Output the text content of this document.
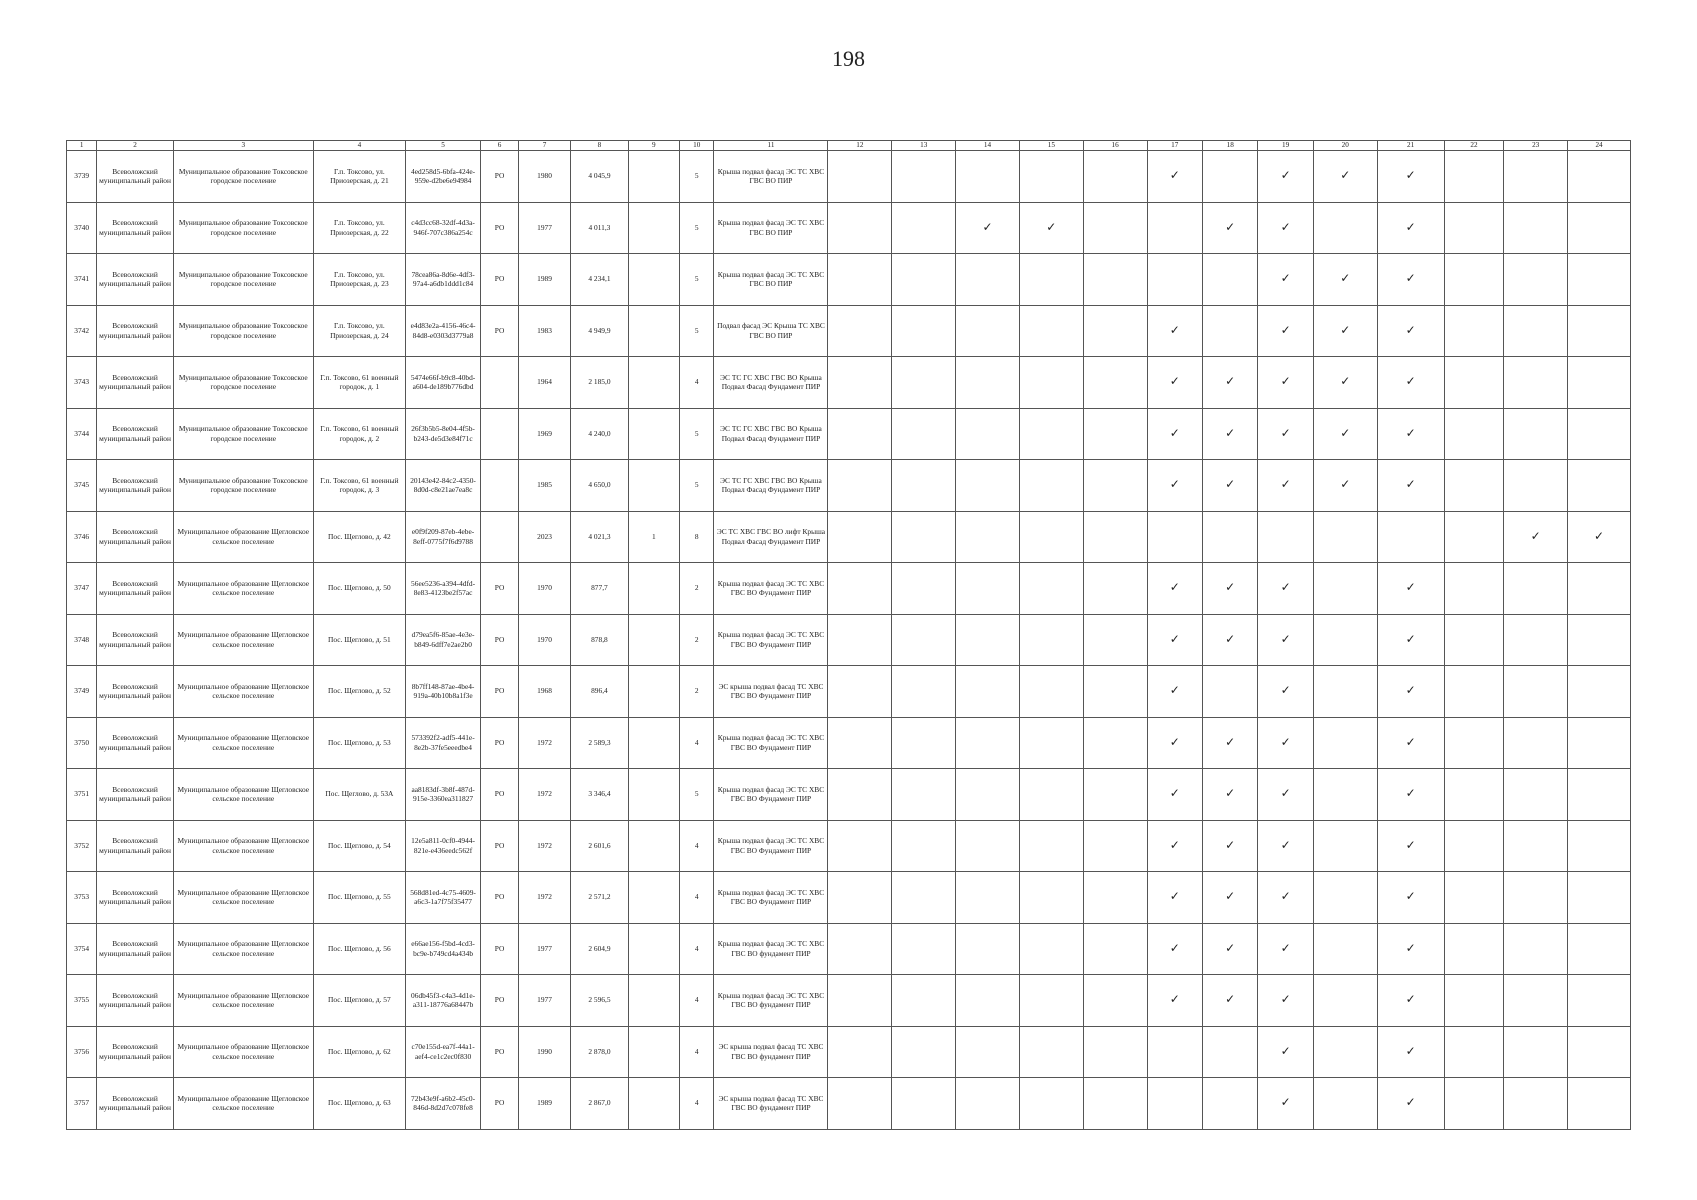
198
1	2	3	4	5	6	7	8	9	10	11	12	13	14	15	16	17	18	19	20	21	22	23	24
3739	Всеволожский муниципальный район	Муниципальное образование Токсовское городское поселение	Г.п. Токсово, ул. Приозерская, д. 21	4ed258d5-6bfa-424e-959e-d2be6e94984	РО	1980	4 045,9		5	Крыша подвал фасад ЭС ТС ХВС ГВС ВО ПИР						✓		✓	✓	✓			
3740	Всеволожский муниципальный район	Муниципальное образование Токсовское городское поселение	Г.п. Токсово, ул. Приозерская, д. 22	c4d3cc68-32df-4d3a-946f-707c386a254c	РО	1977	4 011,3		5	Крыша подвал фасад ЭС ТС ХВС ГВС ВО ПИР			✓	✓			✓	✓		✓			
3741	Всеволожский муниципальный район	Муниципальное образование Токсовское городское поселение	Г.п. Токсово, ул. Приозерская, д. 23	78cea86a-8d6e-4df3-97a4-a6db1ddd1c84	РО	1989	4 234,1		5	Крыша подвал фасад ЭС ТС ХВС ГВС ВО ПИР								✓	✓	✓			
3742	Всеволожский муниципальный район	Муниципальное образование Токсовское городское поселение	Г.п. Токсово, ул. Приозерская, д. 24	e4d83e2a-4156-46c4-84d8-e0303d3779a8	РО	1983	4 949,9		5	Подвал фасад ЭС Крыша ТС ХВС ГВС ВО ПИР						✓		✓	✓	✓			
3743	Всеволожский муниципальный район	Муниципальное образование Токсовское городское поселение	Г.п. Токсово, 61 военный городок, д. 1	5474e66f-b9c8-40bd-a604-de189b776dbd		1964	2 185,0		4	ЭС ТС ГС ХВС ГВС ВО Крыша Подвал Фасад Фундамент ПИР						✓	✓	✓	✓	✓			
3744	Всеволожский муниципальный район	Муниципальное образование Токсовское городское поселение	Г.п. Токсово, 61 военный городок, д. 2	26f3b5b5-8e04-4f5b-b243-de5d3e84f71c		1969	4 240,0		5	ЭС ТС ГС ХВС ГВС ВО Крыша Подвал Фасад Фундамент ПИР						✓	✓	✓	✓	✓			
3745	Всеволожский муниципальный район	Муниципальное образование Токсовское городское поселение	Г.п. Токсово, 61 военный городок, д. 3	20143e42-84c2-4350-8d0d-c8e21ae7ea8c		1985	4 650,0		5	ЭС ТС ГС ХВС ГВС ВО Крыша Подвал Фасад Фундамент ПИР						✓	✓	✓	✓	✓			
3746	Всеволожский муниципальный район	Муниципальное образование Щегловское сельское поселение	Пос. Щеглово, д. 42	e0f9f209-87eb-4ebe-8eff-0775f7f6d9788		2023	4 021,3	1	8	ЭС ТС ХВС ГВС ВО лифт Крыша Подвал Фасад Фундамент ПИР												✓	✓
3747	Всеволожский муниципальный район	Муниципальное образование Щегловское сельское поселение	Пос. Щеглово, д. 50	56ee5236-a394-4dfd-8e83-4123be2f57ac	РО	1970	877,7		2	Крыша подвал фасад ЭС ТС ХВС ГВС ВО Фундамент ПИР						✓	✓	✓		✓			
3748	Всеволожский муниципальный район	Муниципальное образование Щегловское сельское поселение	Пос. Щеглово, д. 51	d79ea5f6-85ae-4e3e-b849-6dff7e2ae2b0	РО	1970	878,8		2	Крыша подвал фасад ЭС ТС ХВС ГВС ВО Фундамент ПИР						✓	✓	✓		✓			
3749	Всеволожский муниципальный район	Муниципальное образование Щегловское сельское поселение	Пос. Щеглово, д. 52	8b7ff148-87ae-4be4-919a-40b10b8a1f3e	РО	1968	896,4		2	ЭС крыша подвал фасад ТС ХВС ГВС ВО Фундамент ПИР						✓		✓		✓			
3750	Всеволожский муниципальный район	Муниципальное образование Щегловское сельское поселение	Пос. Щеглово, д. 53	573392f2-adf5-441e-8e2b-37fe5eeedbe4	РО	1972	2 589,3		4	Крыша подвал фасад ЭС ТС ХВС ГВС ВО Фундамент ПИР						✓	✓	✓		✓			
3751	Всеволожский муниципальный район	Муниципальное образование Щегловское сельское поселение	Пос. Щеглово, д. 53А	aa8183df-3b8f-487d-915e-3360ea311827	РО	1972	3 346,4		5	Крыша подвал фасад ЭС ТС ХВС ГВС ВО Фундамент ПИР						✓	✓	✓		✓			
3752	Всеволожский муниципальный район	Муниципальное образование Щегловское сельское поселение	Пос. Щеглово, д. 54	12e5a811-0cf0-4944-821e-e436eedc562f	РО	1972	2 601,6		4	Крыша подвал фасад ЭС ТС ХВС ГВС ВО Фундамент ПИР						✓	✓	✓		✓			
3753	Всеволожский муниципальный район	Муниципальное образование Щегловское сельское поселение	Пос. Щеглово, д. 55	568d81ed-4c75-4609-a6c3-1a7f75f35477	РО	1972	2 571,2		4	Крыша подвал фасад ЭС ТС ХВС ГВС ВО Фундамент ПИР						✓	✓	✓		✓			
3754	Всеволожский муниципальный район	Муниципальное образование Щегловское сельское поселение	Пос. Щеглово, д. 56	e66ae156-f5bd-4cd3-bc9e-b749cd4a434b	РО	1977	2 604,9		4	Крыша подвал фасад ЭС ТС ХВС ГВС ВО фундамент ПИР						✓	✓	✓		✓			
3755	Всеволожский муниципальный район	Муниципальное образование Щегловское сельское поселение	Пос. Щеглово, д. 57	06db45f3-c4a3-4d1e-a311-18776a68447b	РО	1977	2 596,5		4	Крыша подвал фасад ЭС ТС ХВС ГВС ВО фундамент ПИР						✓	✓	✓		✓			
3756	Всеволожский муниципальный район	Муниципальное образование Щегловское сельское поселение	Пос. Щеглово, д. 62	c70e155d-ea7f-44a1-aef4-ce1c2ec0f830	РО	1990	2 878,0		4	ЭС крыша подвал фасад ТС ХВС ГВС ВО фундамент ПИР								✓		✓			
3757	Всеволожский муниципальный район	Муниципальное образование Щегловское сельское поселение	Пос. Щеглово, д. 63	72b43e9f-a6b2-45c0-846d-8d2d7c078fe8	РО	1989	2 867,0		4	ЭС крыша подвал фасад ТС ХВС ГВС ВО фундамент ПИР								✓		✓			
